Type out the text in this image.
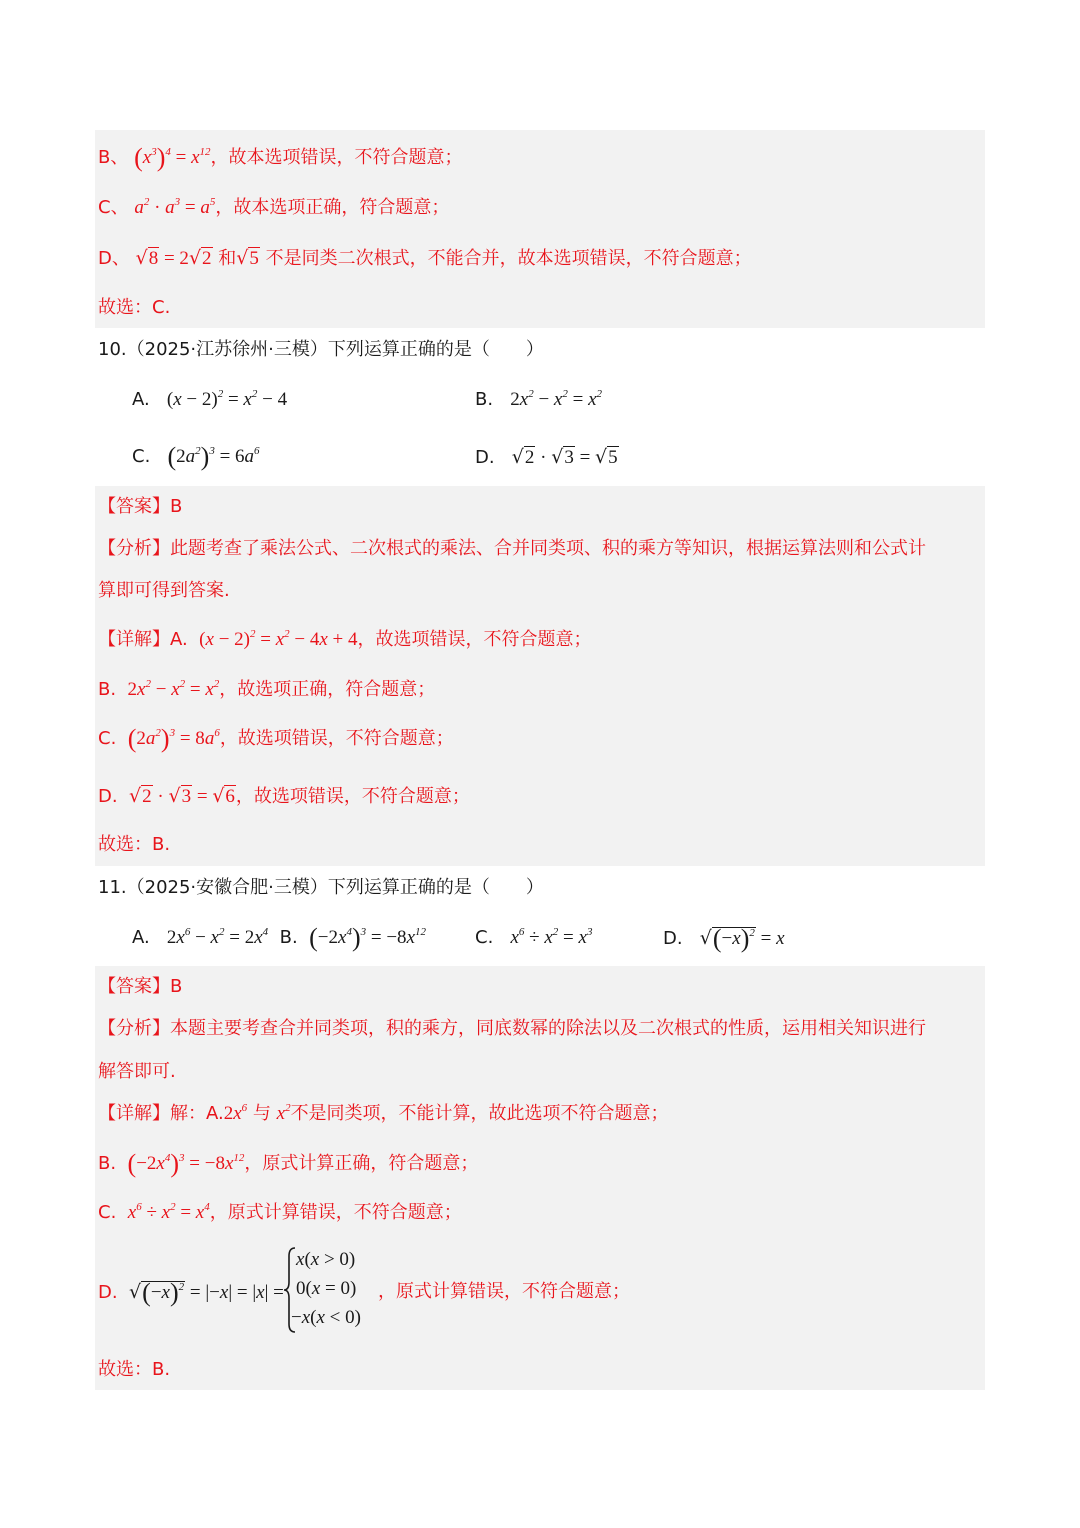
B、 $(x^3)^4 = x^{12}$，故本选项错误，不符合题意；
C、 $a^2 \cdot a^3 = a^5$，故本选项正确，符合题意；
D、 √8 = 2√2 和√5 不是同类二次根式，不能合并，故本选项错误，不符合题意；
故选：C.
10.（2025·江苏徐州·三模）下列运算正确的是（　　）
A. $(x - 2)^2 = x^2 - 4$	B. $2x^2 - x^2 = x^2$
C. $(2a^2)^3 = 6a^6$	D. √2 · √3 = √5
【答案】B
【分析】此题考查了乘法公式、二次根式的乘法、合并同类项、积的乘方等知识，根据运算法则和公式计
算即可得到答案.
【详解】A. $(x - 2)^2 = x^2 - 4x + 4$，故选项错误，不符合题意；
B. $2x^2 - x^2 = x^2$，故选项正确，符合题意；
C. $(2a^2)^3 = 8a^6$，故选项错误，不符合题意；
D. √2 · √3 = √6，故选项错误，不符合题意；
故选：B.
11.（2025·安徽合肥·三模）下列运算正确的是（　　）
A. $2x^6 - x^2 = 2x^4$ B. $(-2x^4)^3 = -8x^{12}$	C. $x^6 \div x^2 = x^3$	D. $√(-x)^2 = x$
【答案】B
【分析】本题主要考查合并同类项，积的乘方，同底数幂的除法以及二次根式的性质，运用相关知识进行
解答即可.
【详解】解：$A.2x^6$ 与 $x^2$不是同类项，不能计算，故此选项不符合题意；
B. $(-2x^4)^3 = -8x^{12}$，原式计算正确，符合题意；
C. $x^6 \div x^2 = x^4$，原式计算错误，不符合题意；
D. $√(-x)^2 = |-x| = |x|$ =
x(x > 0)
0(x = 0)
−x(x < 0)
，原式计算错误，不符合题意；
故选：B.
